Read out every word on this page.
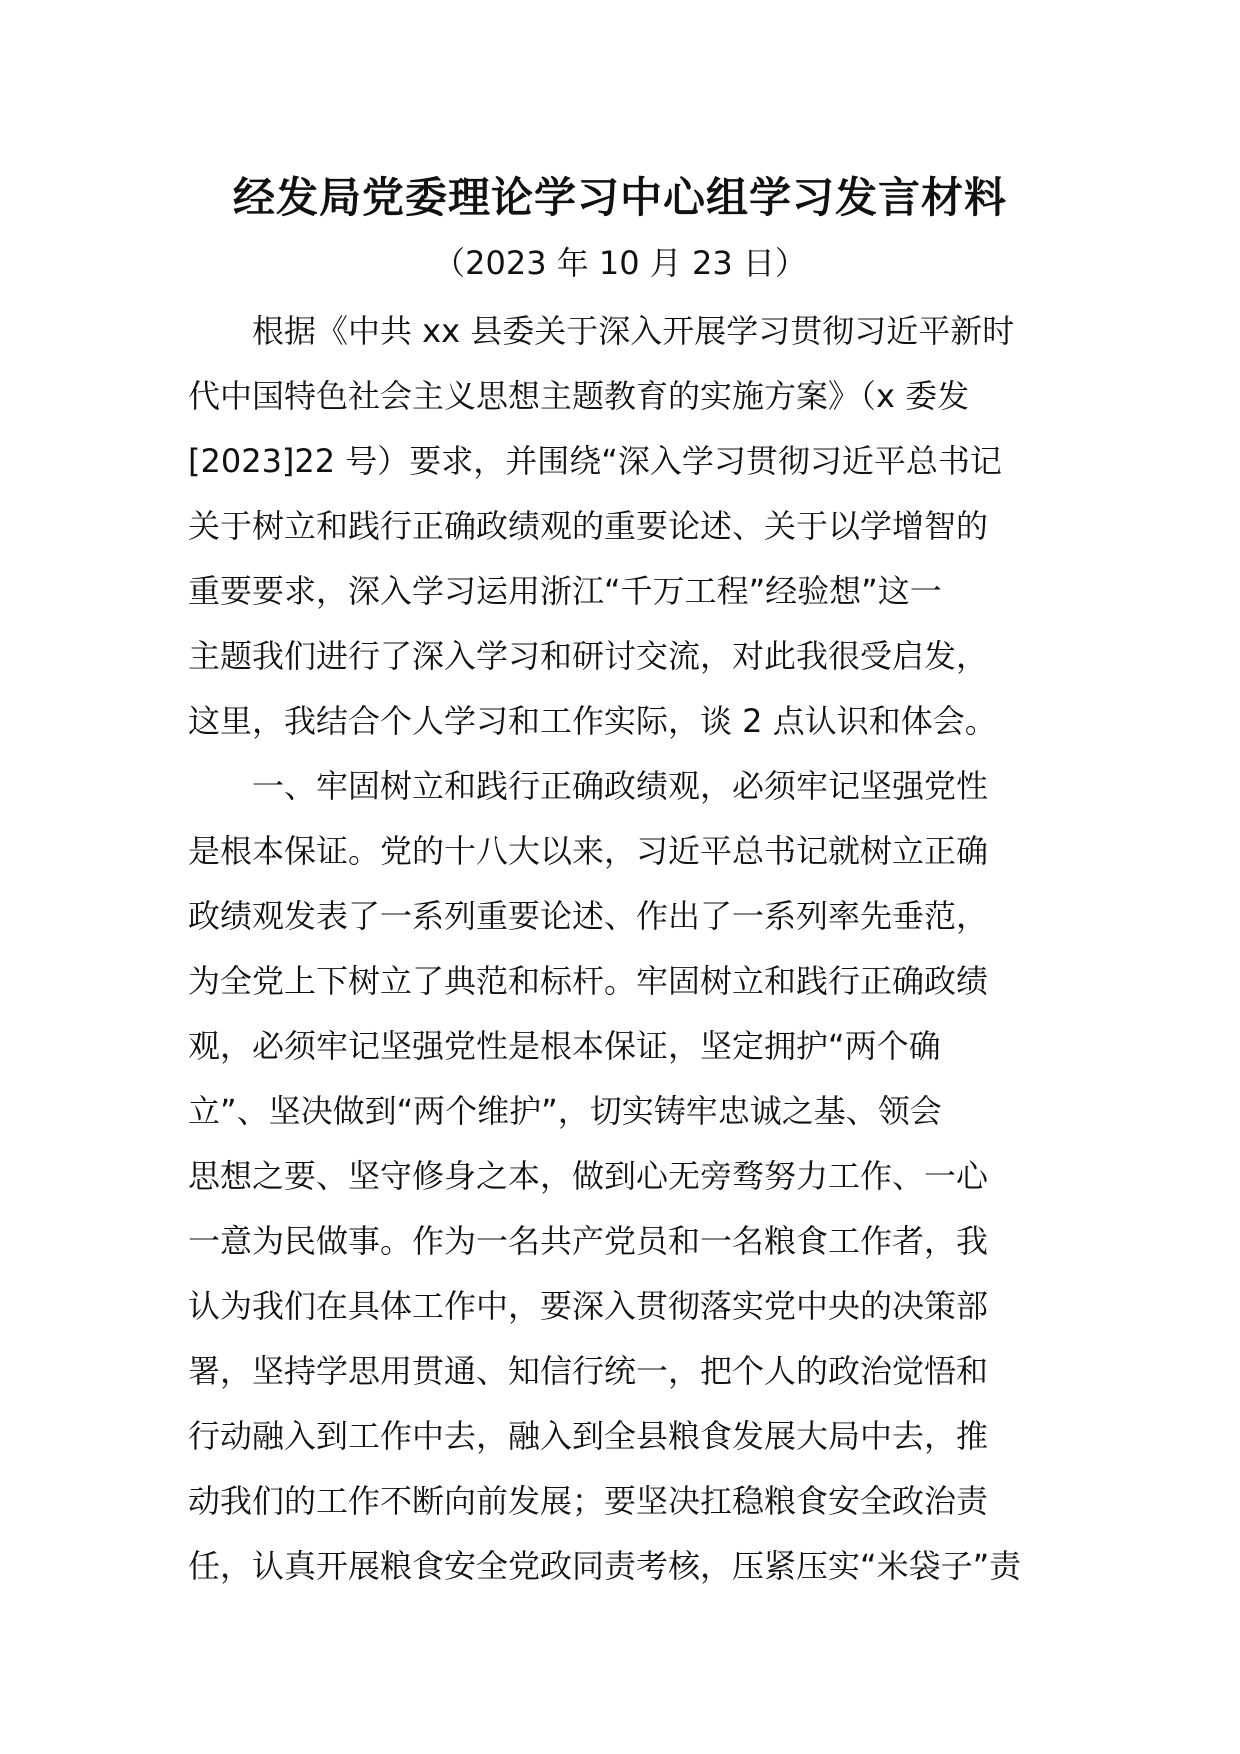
经发局党委理论学习中心组学习发言材料
（2023 年 10 月 23 日）
　　根据《中共 xx 县委关于深入开展学习贯彻习近平新时
代中国特色社会主义思想主题教育的实施方案》（x 委发
[2023]22 号）要求，并围绕“深入学习贯彻习近平总书记
关于树立和践行正确政绩观的重要论述、关于以学增智的
重要要求，深入学习运用浙江“千万工程”经验想”这一
主题我们进行了深入学习和研讨交流，对此我很受启发，
这里，我结合个人学习和工作实际，谈 2 点认识和体会。
　　一、牢固树立和践行正确政绩观，必须牢记坚强党性
是根本保证。党的十八大以来，习近平总书记就树立正确
政绩观发表了一系列重要论述、作出了一系列率先垂范，
为全党上下树立了典范和标杆。牢固树立和践行正确政绩
观，必须牢记坚强党性是根本保证，坚定拥护“两个确
立”、坚决做到“两个维护”，切实铸牢忠诚之基、领会
思想之要、坚守修身之本，做到心无旁骛努力工作、一心
一意为民做事。作为一名共产党员和一名粮食工作者，我
认为我们在具体工作中，要深入贯彻落实党中央的决策部
署，坚持学思用贯通、知信行统一，把个人的政治觉悟和
行动融入到工作中去，融入到全县粮食发展大局中去，推
动我们的工作不断向前发展；要坚决扛稳粮食安全政治责
任，认真开展粮食安全党政同责考核，压紧压实“米袋子”责
